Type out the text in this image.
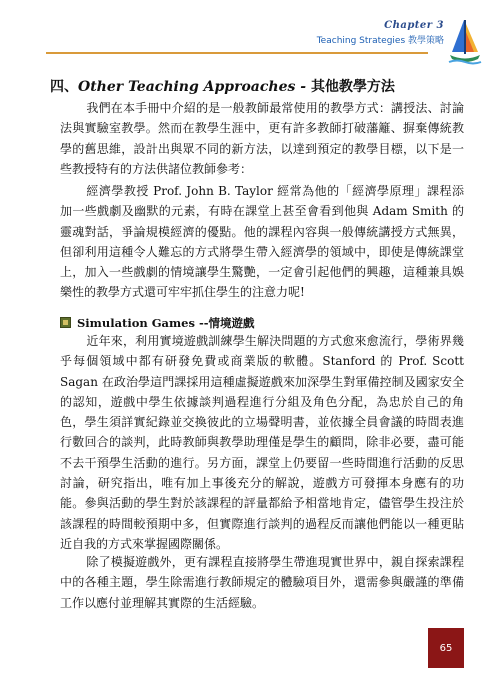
Chapter 3
Teaching Strategies 教學策略
四、Other Teaching Approaches - 其他教學方法
我們在本手冊中介紹的是一般教師最常使用的教學方式：講授法、討論法與實驗室教學。然而在教學生涯中，更有許多教師打破藩籬、摒棄傳統教學的舊思維，設計出與眾不同的新方法，以達到預定的教學目標，以下是一些教授特有的方法供諸位教師參考：
經濟學教授 Prof. John B. Taylor 經常為他的「經濟學原理」課程添加一些戲劇及幽默的元素，有時在課堂上甚至會看到他與 Adam Smith 的靈魂對話，爭論規模經濟的優點。他的課程內容與一般傳統講授方式無異，但卻利用這種令人難忘的方式將學生帶入經濟學的領域中，即使是傳統課堂上，加入一些戲劇的情境讓學生驚艷，一定會引起他們的興趣，這種兼具娛樂性的教學方式還可牢牢抓住學生的注意力呢!
Simulation Games --情境遊戲
近年來，利用實境遊戲訓練學生解決問題的方式愈來愈流行，學術界幾乎每個領域中都有研發免費或商業版的軟體。Stanford 的 Prof. Scott Sagan 在政治學這門課採用這種虛擬遊戲來加深學生對軍備控制及國家安全的認知，遊戲中學生依據談判過程進行分組及角色分配，為忠於自己的角色，學生須詳實紀錄並交換彼此的立場聲明書，並依據全員會議的時間表進行數回合的談判，此時教師與教學助理僅是學生的顧問，除非必要，盡可能不去干預學生活動的進行。另方面，課堂上仍要留一些時間進行活動的反思討論，研究指出，唯有加上事後充分的解說，遊戲方可發揮本身應有的功能。參與活動的學生對於該課程的評量都給予相當地肯定，儘管學生投注於該課程的時間較預期中多，但實際進行談判的過程反而讓他們能以一種更貼近自我的方式來掌握國際關係。
除了模擬遊戲外，更有課程直接將學生帶進現實世界中，親自探索課程中的各種主題，學生除需進行教師規定的體驗項目外，還需參與嚴謹的準備工作以應付並理解其實際的生活經驗。
65
